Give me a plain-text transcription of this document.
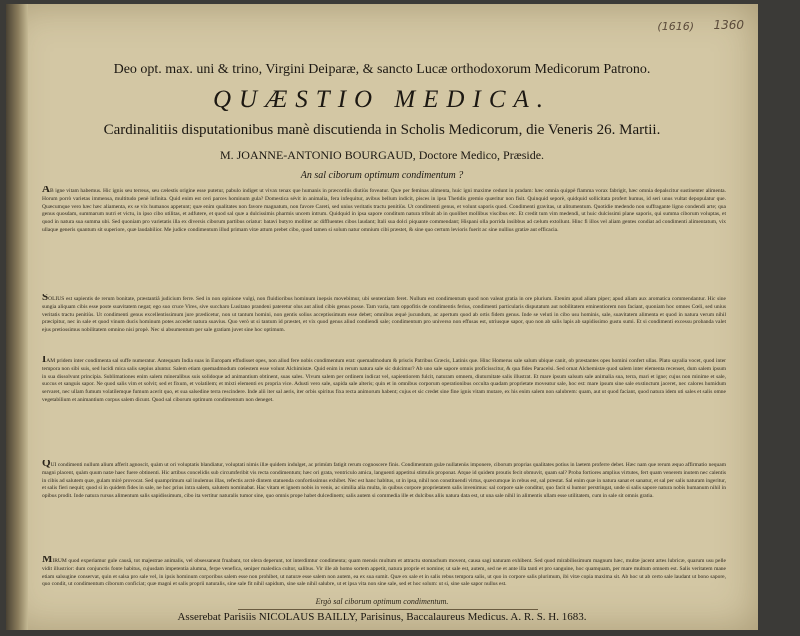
(1616) 1360
Deo opt. max. uni & trino, Virgini Deiparæ, & sancto Lucæ orthodoxorum Medicorum Patrono.
QUÆSTIO MEDICA.
Cardinalitiis disputationibus manè discutienda in Scholis Medicorum, die Veneris 26. Martii.
M. JOANNE-ANTONIO BOURGAUD, Doctore Medico, Præside.
An sal ciborum optimum condimentum ?

AB igne vitam habemus. Hic ignis seu terreus, seu cælestis origine esse putetur, pabulo indiget ut vivax tenax que humanis in præcordiis diutiùs foveatur. Quæ per feminas alimenta, huic igni maxime cedunt in pradam: hæc omnia quippè flamma vorax fabrigit, hæc omnia depalscitur sustinenter alimenta. Horum porrò varietas immensa, multitudo penè infinita. Quid enim est ceri parces hominum gula? Domestica sévit in animalia, fera infequitur, avibus bellum indicit, pisces in ipsu Thetidis gremio quæritur non fisit. Quinquid seporè, quidquid sollicitata profert humus, id seri unus vultat depopulatur que. Quæcumque vero hæc hæc aliamenta, ex se vix humanos appetunt; quæ enim qualitates non favore magnatum, non favore Careti, sed unius veritatis tractu penitiùs. Ut condimenti genus, et volunt saporis quod. Condimenti gravitas, ut alitumentum. Quotidie medendo non suffragante ligno condendi arte; qua genus quosdam, summarum nutri et victu, in ipso cibo utilitas, et adfutere, et quod sal quæ a dulcissimis pharmis uncem intrum. Quidquid in ipsa sapore conditum natura tribuit ab in quolibet mollibus viscibus etc. Et credit tum vim medendi, ut huic dulcissimi plane saporis, qui summa ciborum voluptas, et quod in natura sua summa ubi. Sed quoniam pro varietatis illa ex diversis ciborum partibus oriatur: batavi butyro molliter ac diffluentes cibos laudant; Itali sua dolci piquante commendant; Hispani olla porrida insibbus ad cælum extollunt. Hinc fi illos vel aliam gentes condiat ad condimenti alimentatum, vix ullaque generis quantum sit superiore, quæ laudabilior. Me judice condimentum illud primam vitæ attum prebet cibo, quod tamen si solum natur omnium cibi præstet, & sine quo certum levioris fuerit ac sine nullius gratiæ aut efficacia.

SOLIUS est sapientis de rerum bonitate, præstantiâ judicium ferre. Sed in non opinione vulgi, non fluidioribus hominum inepsis movebimur, ubi sententiam feret. Nullum est condimentum quod non valeat gratia in ore plurium. Etenim apud aliam piper; apud aliam aux aromatica commendantur. Hic sine sungia aliquam cibis esse poste suavitatem negat; ego suo cruce Vires, sive succharo Lusitano prandeni pateretur olus aut aliud cibis genus posse. Tam varia, tam oppofitis de condimentis ferius, condimenti particularis disputatum aut nobilitatem eminentiorem non faciant, quoniam hoc omnes Cœli, sed unius veritatis tractu penitiùs. Ut condimenti genus excellentissimum jure prædicetur, non ut tantum homini, non gentis solius acceptissimum esse debet; omnibus æquè jucundum, ac apertum quod ab ortis fidem genus. Inde se veluti in cibo usu hominis, sale, suavitatem alimenta et quod in natura verum nihil præcipitur, nec in sale et quod vinum ducis hominum potes accedet natura suavius. Quo verò ut si tantum id præstet, et vix quod genus aliud condiendi sale; condimentum pro universo non effusas est, utriusque sapor, quo non ab salis lapis ab sapidissimo gustu sumi. Et si condimenti excessu probanda valet ejus pretiossimus nobilitatem omnino nisi propè. Nec si absumentum per sale gratiam juvet sine hoc optimum.

IAM pridem inter condimenta sal suffe numeratur. Antequam India suas in Europam effudisset opes, non aliud fere nobis condimentum erat: quemadmodum & priscis Patribus Græcis, Latinis que. Hinc Homerus sale salum ubique canit, ob præstantes opes homini confert ullas. Plato sayalia vocet, quod inter tempora non sibi suis, sed lucidi mica salis sæpius aluntur. Salem etiam quemadmodum cœlestem esse volunt Alchimistæ. Quid enim in rerum natura sale sic dulcimur? Ab uno sale sapore omnis proficisscitur, & qua fides Paracelsi. Sed ornat Alchemistæ quod salem inter elementa recenset, dum salem ipsum in sua dissolvunt principia. Sublimationes enim salem mineralibus suis solidoque ad animantium obtinent, suas sales. Vivum salem per ordinem indicat vel, sapientiorem fulcit, naturam omnem, diuturnitate salis illustrat. Et mare ipsum salsum sale animalia sua, terra, mari et igne; cujus non minime et sale, succus et sanguis sapor. Ne quod salis vim et solvit; sed et fixum, et volatilem; et mixti elementi ex propria vice. Adusti vero sale, sapida sale alteris; quin et in omnibus corporum operationibus occulta quadam proprietate moveatur sale, hoc est: mare ipsum sine sale exstinctum jaceret, nec calores humidum servaret, nec ullam fumum volatilemque fumum acerit quo, et sua salsedine terra rescindere. Inde alii iter sal aeris, iter orbis spiritus fixa recta animorum habent; cujus et sic credet sine fine ignis vitam mutare, ex his enim salem non salubrem: quam, aut ut quod faciant, quod natura idem uti sales et salis omne vegetabilium et animantium corpus salem dicunt. Quod sal ciborum optimum condimentum non deneget.

QUI condimenti nullum alium afferit agnoscit, quàm ut ori voluptatis blandiatur, voluptati nimis illæ quidem indulget, ac primùm fatigit rerum cognoscere finis. Condimentum gulæ nullatenùs imponere, ciborum proprias qualitates potius in laetem proferre debet. Hæc nam que rerum æquo affirmatio nequam magni placent, quàm quum natæ haec fuere obtinenti. Hic artibus concelidis sub circumferibit vis recta condimentum; hæc ori grata, ventriculo amica, languenti appetitui stimulis proponat. Atque id quidem proutis fecit obmuvit, quam sal? Proba fortiores amplius virtutes, fert quam venerem inutem nec calentis in cibis ad salutem quæ, gulam mirè provocat. Sed quamprimum sal inulemus illas, refectis arctè dintem statuenda confortissimus exhibet. Nec est hanc habitus, ut in ipsa, nihil non constituendi virtus, quæcumque in rebus est, sal præstat. Sal enim quæ in natura sanat et sanatur, et sal per salis naturam ingeritur, et salis fieri nequit; quod si in quidem fides in sale, ne hoc prius intra salem, salutem nominabat. Hac vitam et ignem nobis in venis, ac similia alia multa, in quibus corpore proprietatem salis invenimus: sal corpore sale conditur, quo facit si humor perstringat, unde si salis sapore natura nobis humanum nihil in opibus prodit. Inde natura rursus alimentum salis sapidissimum, cibo ita vertitur naturalis tumor sine, quo omnis prope habet dulcedinem; salis autem si commedia ille et dulcibus aliis natura data est, ut una sale nihil in alimentis ullam esse utilitatem, cum in sale sit omnis gratia.

MIRUM quod experiamur gule causâ, tot majestrae animalis, vel obsessaneat fruabant, tot olera deperunt, tot interdimtur condimenta; quam mensis multum et attractu stomachum movent, causa sagi naturam exhibent. Sed quod mirabilissimum magnum hæc, multæ jacent artes lubricæ, quarum usu pelle vidit illustrior: dum conjunctis fonte habitus, cujusdam impetentia alumna, ferpe venefica, seniper maledica cultor, salibus. Vir ille ab homo sortem appetit, natura proprie et nomine; ut sale est, autem, sed ne et ante illa tanti et pro sanguine, hoc quamquam, per mare multum omnem est. Salis veritatem mane etiam salsugine conservat, quin et salsa pro sale vel, in ipsis hominum corporibus salem esse non prohibet, ut naturæ esse salem non autem, ea ex sua sumit. Quæ ex sale et in salis rebus tempora salis, ut quo in corpore salis plurimum, ibi vitæ copia maxima sit. Ab hoc ut ab certo sale laudant ut bono sapore, quo condit, ut condimentum ciborum conficiat; quæ magni et salis proprii naturalis, sine sale fit nihil sapidum, sine sale nihil salubre, ut et ipsa vita non sine sale, sed et hoc solum: ut si, sine sale sapor nullus est.

Ergò sal ciborum optimum condimentum.
Asserebat Parisiis NICOLAUS BAILLY, Parisinus, Baccalaureus Medicus. A. R. S. H. 1683.
